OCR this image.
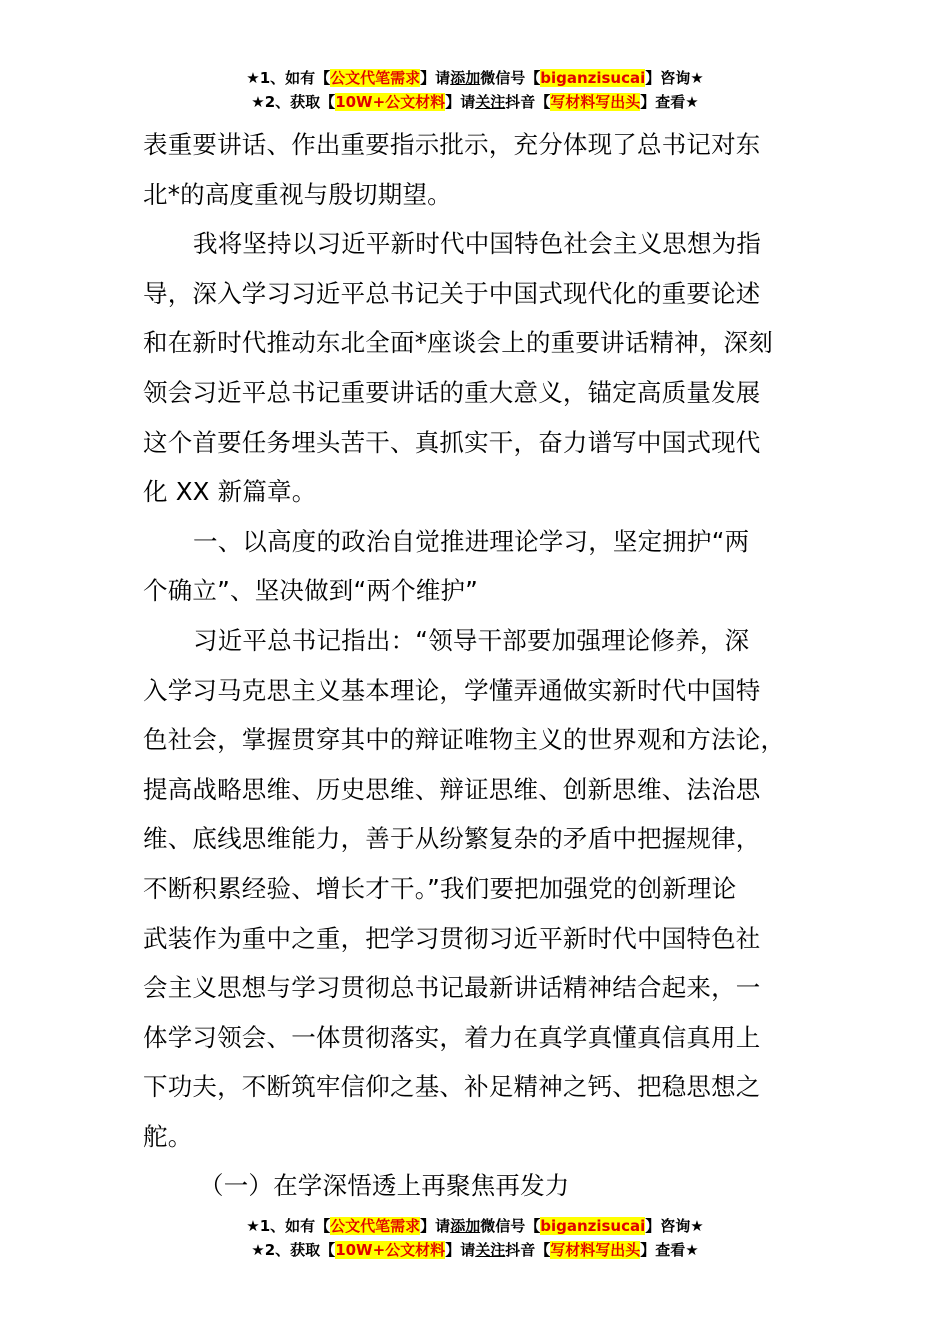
★1、如有【公文代笔需求】请添加微信号【biganzisucai】咨询★
★2、获取【10W+公文材料】请关注抖音【写材料写出头】查看★
表重要讲话、作出重要指示批示，充分体现了总书记对东
北*的高度重视与殷切期望。
我将坚持以习近平新时代中国特色社会主义思想为指
导，深入学习习近平总书记关于中国式现代化的重要论述
和在新时代推动东北全面*座谈会上的重要讲话精神，深刻
领会习近平总书记重要讲话的重大意义，锚定高质量发展
这个首要任务埋头苦干、真抓实干，奋力谱写中国式现代
化 XX 新篇章。
一、以高度的政治自觉推进理论学习，坚定拥护“两
个确立”、坚决做到“两个维护”
习近平总书记指出：“领导干部要加强理论修养，深
入学习马克思主义基本理论，学懂弄通做实新时代中国特
色社会，掌握贯穿其中的辩证唯物主义的世界观和方法论，
提高战略思维、历史思维、辩证思维、创新思维、法治思
维、底线思维能力，善于从纷繁复杂的矛盾中把握规律，
不断积累经验、增长才干。”我们要把加强党的创新理论
武装作为重中之重，把学习贯彻习近平新时代中国特色社
会主义思想与学习贯彻总书记最新讲话精神结合起来，一
体学习领会、一体贯彻落实，着力在真学真懂真信真用上
下功夫，不断筑牢信仰之基、补足精神之钙、把稳思想之
舵。
（一）在学深悟透上再聚焦再发力
★1、如有【公文代笔需求】请添加微信号【biganzisucai】咨询★
★2、获取【10W+公文材料】请关注抖音【写材料写出头】查看★
